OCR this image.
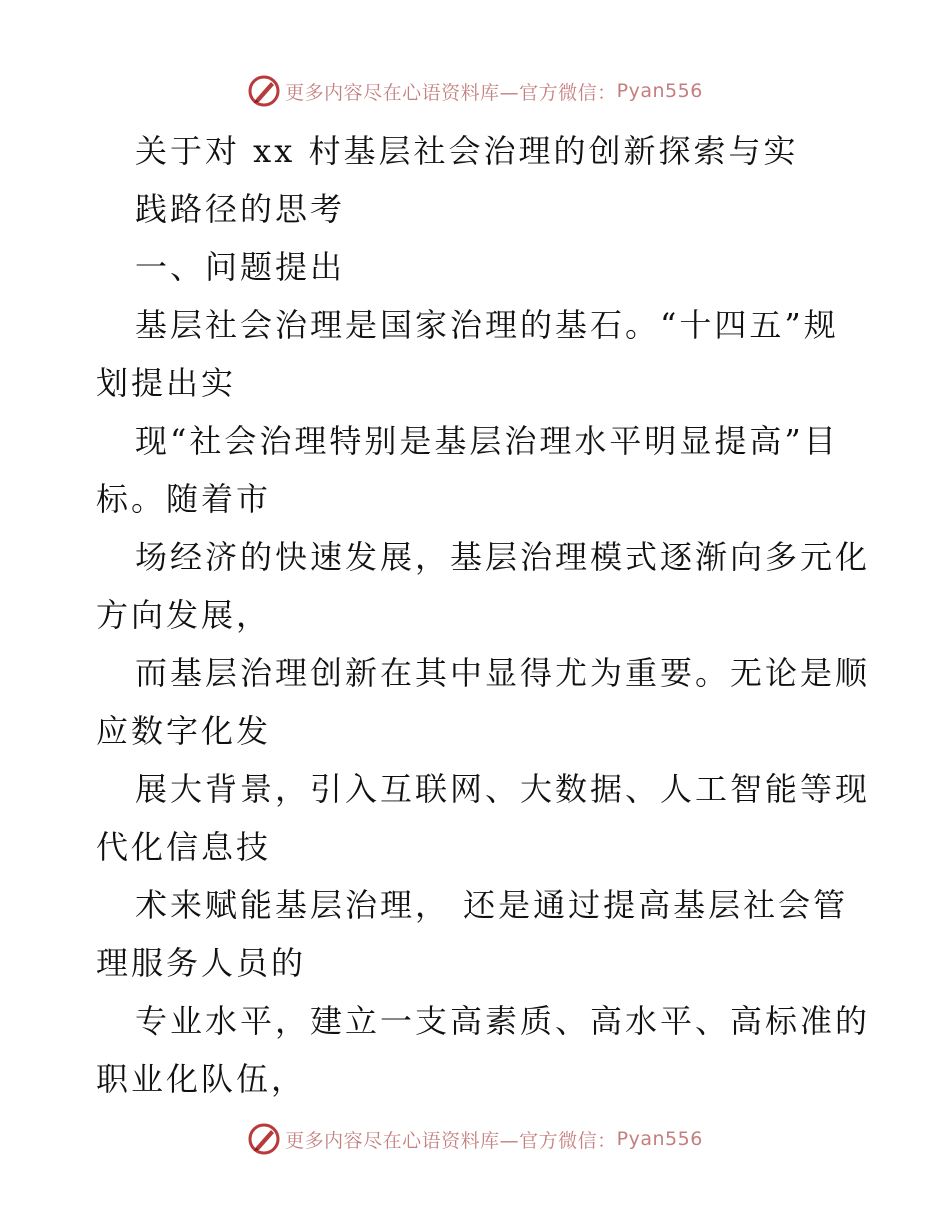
更多内容尽在心语资料库—官方微信： Pyan556
关于对 xx 村基层社会治理的创新探索与实
践路径的思考
一、问题提出
基层社会治理是国家治理的基石。“十四五”规
划提出实
现“社会治理特别是基层治理水平明显提高”目
标。随着市
场经济的快速发展，基层治理模式逐渐向多元化
方向发展，
而基层治理创新在其中显得尤为重要。无论是顺
应数字化发
展大背景，引入互联网、大数据、人工智能等现
代化信息技
术来赋能基层治理， 还是通过提高基层社会管
理服务人员的
专业水平，建立一支高素质、高水平、高标准的
职业化队伍，
更多内容尽在心语资料库—官方微信： Pyan556
